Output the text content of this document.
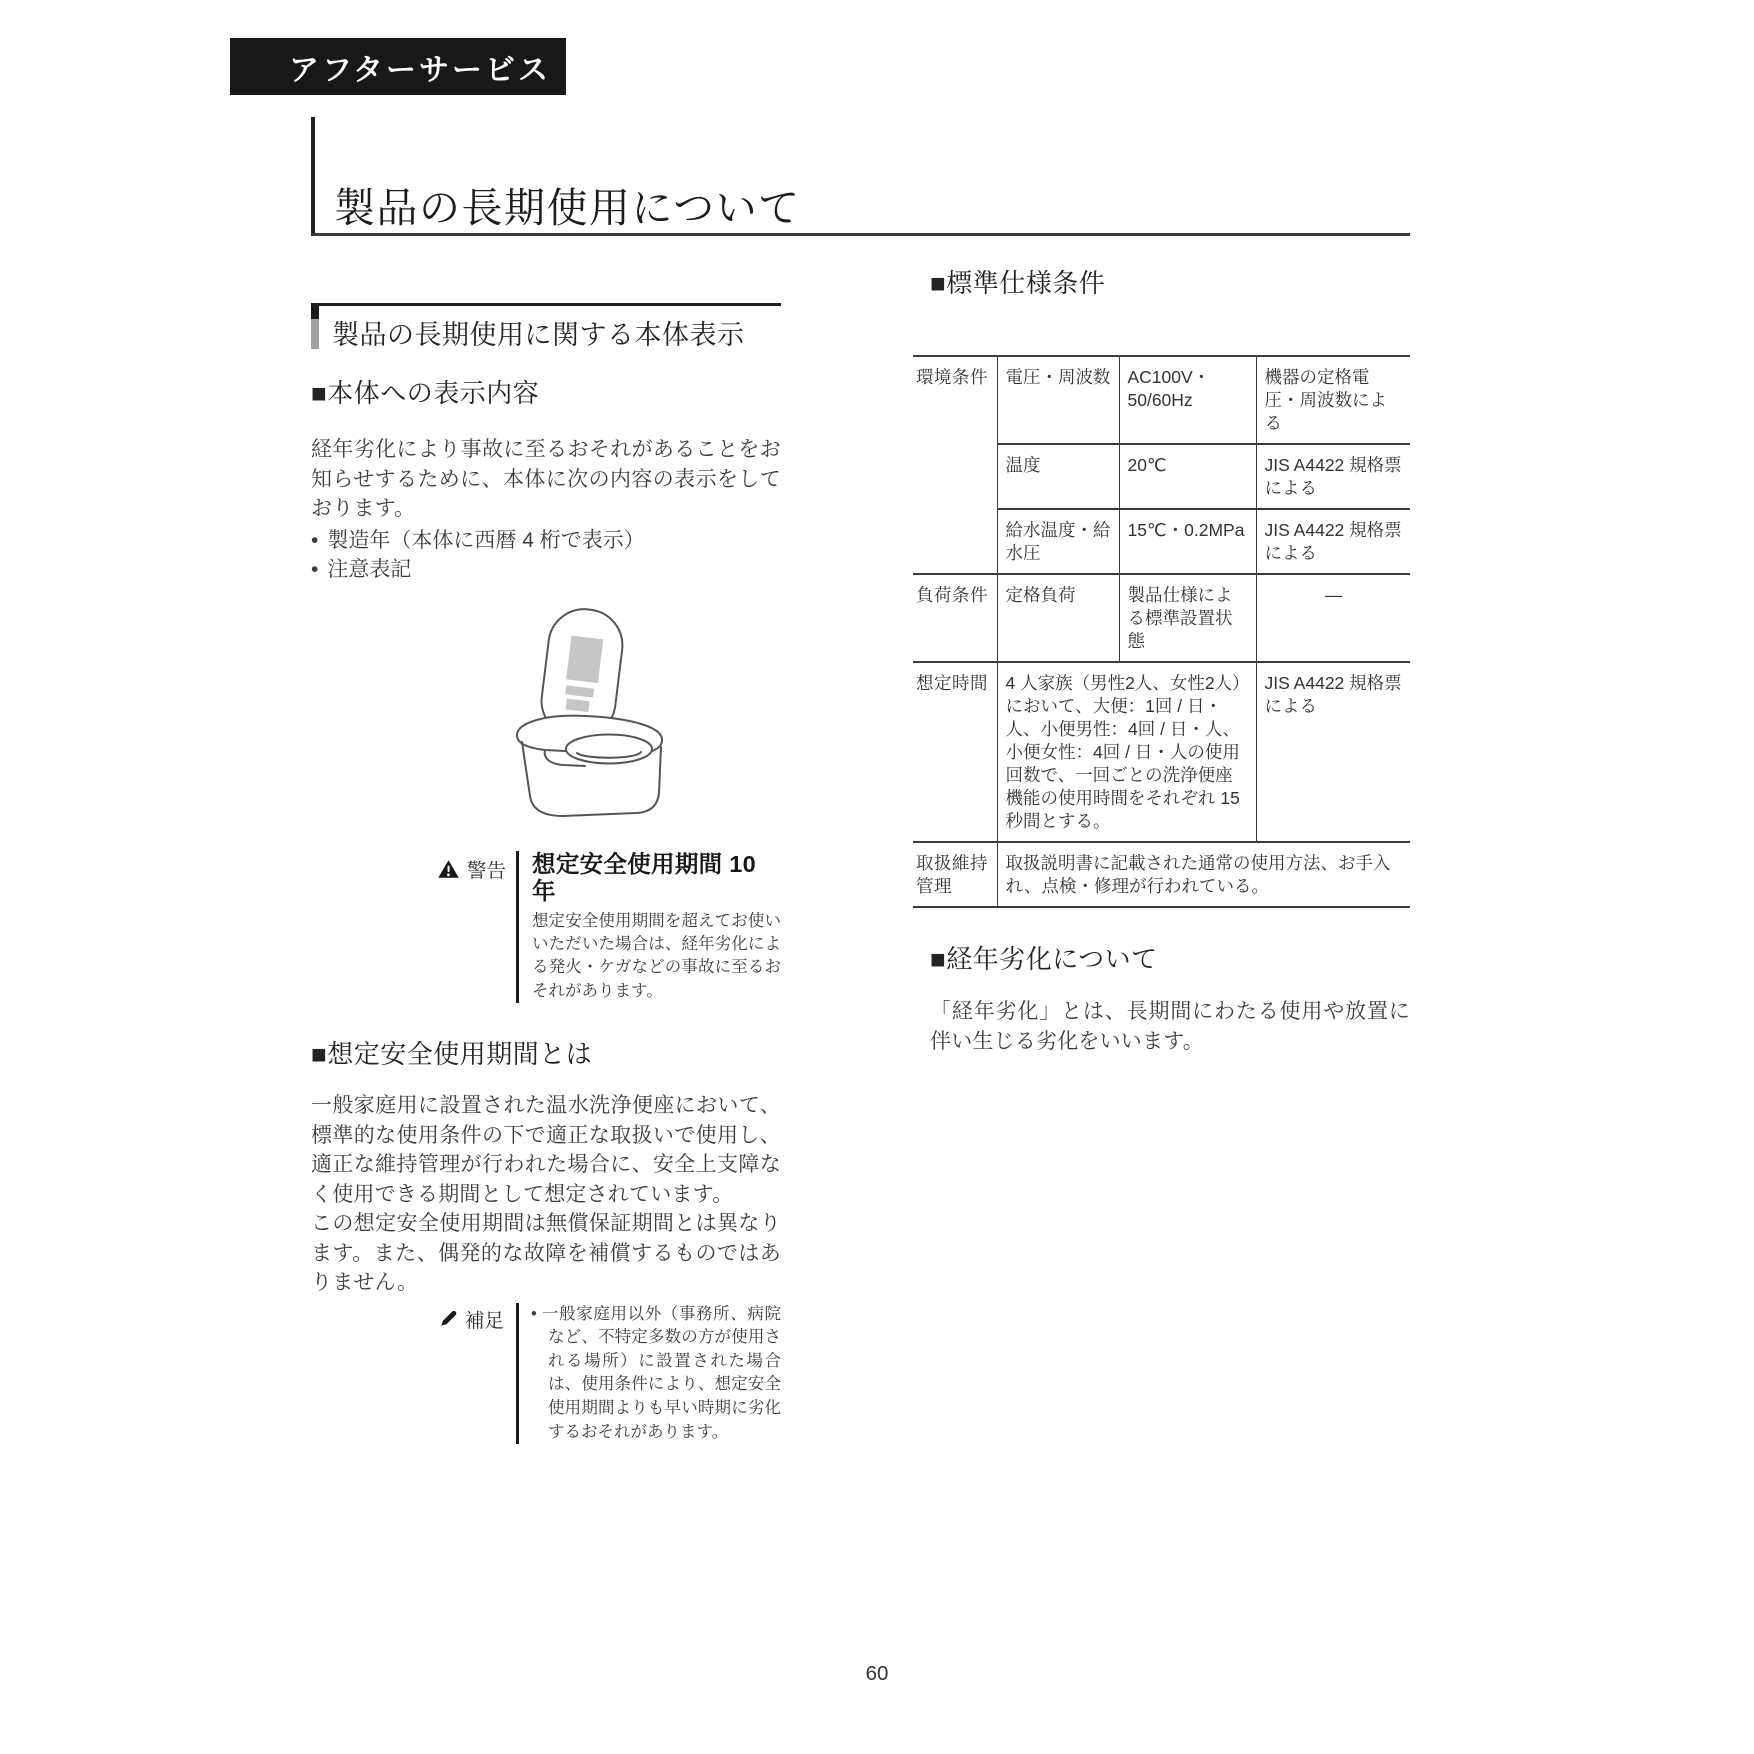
アフターサービス
製品の長期使用について
製品の長期使用に関する本体表示
■本体への表示内容
経年劣化により事故に至るおそれがあることをお知らせするために、本体に次の内容の表示をしております。
• 製造年（本体に西暦 4 桁で表示）
• 注意表記
警告 想定安全使用期間 10 年
想定安全使用期間を超えてお使いいただいた場合は、経年劣化による発火・ケガなどの事故に至るおそれがあります。
■想定安全使用期間とは
一般家庭用に設置された温水洗浄便座において、標準的な使用条件の下で適正な取扱いで使用し、適正な維持管理が行われた場合に、安全上支障なく使用できる期間として想定されています。
この想定安全使用期間は無償保証期間とは異なります。また、偶発的な故障を補償するものではありません。
補足 • 一般家庭用以外（事務所、病院など、不特定多数の方が使用される場所）に設置された場合は、使用条件により、想定安全使用期間よりも早い時期に劣化するおそれがあります。
■標準仕様条件
環境条件	電圧・周波数	AC100V・50/60Hz	機器の定格電圧・周波数による
	温度	20℃	JIS A4422 規格票による
	給水温度・給水圧	15℃・0.2MPa	JIS A4422 規格票による
負荷条件	定格負荷	製品仕様による標準設置状態	—
想定時間	4 人家族（男性2人、女性2人）において、大便：1回 / 日・人、小便男性：4回 / 日・人、小便女性：4回 / 日・人の使用回数で、一回ごとの洗浄便座機能の使用時間をそれぞれ 15 秒間とする。		JIS A4422 規格票による
取扱維持管理	取扱説明書に記載された通常の使用方法、お手入れ、点検・修理が行われている。		
■経年劣化について
「経年劣化」とは、長期間にわたる使用や放置に伴い生じる劣化をいいます。
60
